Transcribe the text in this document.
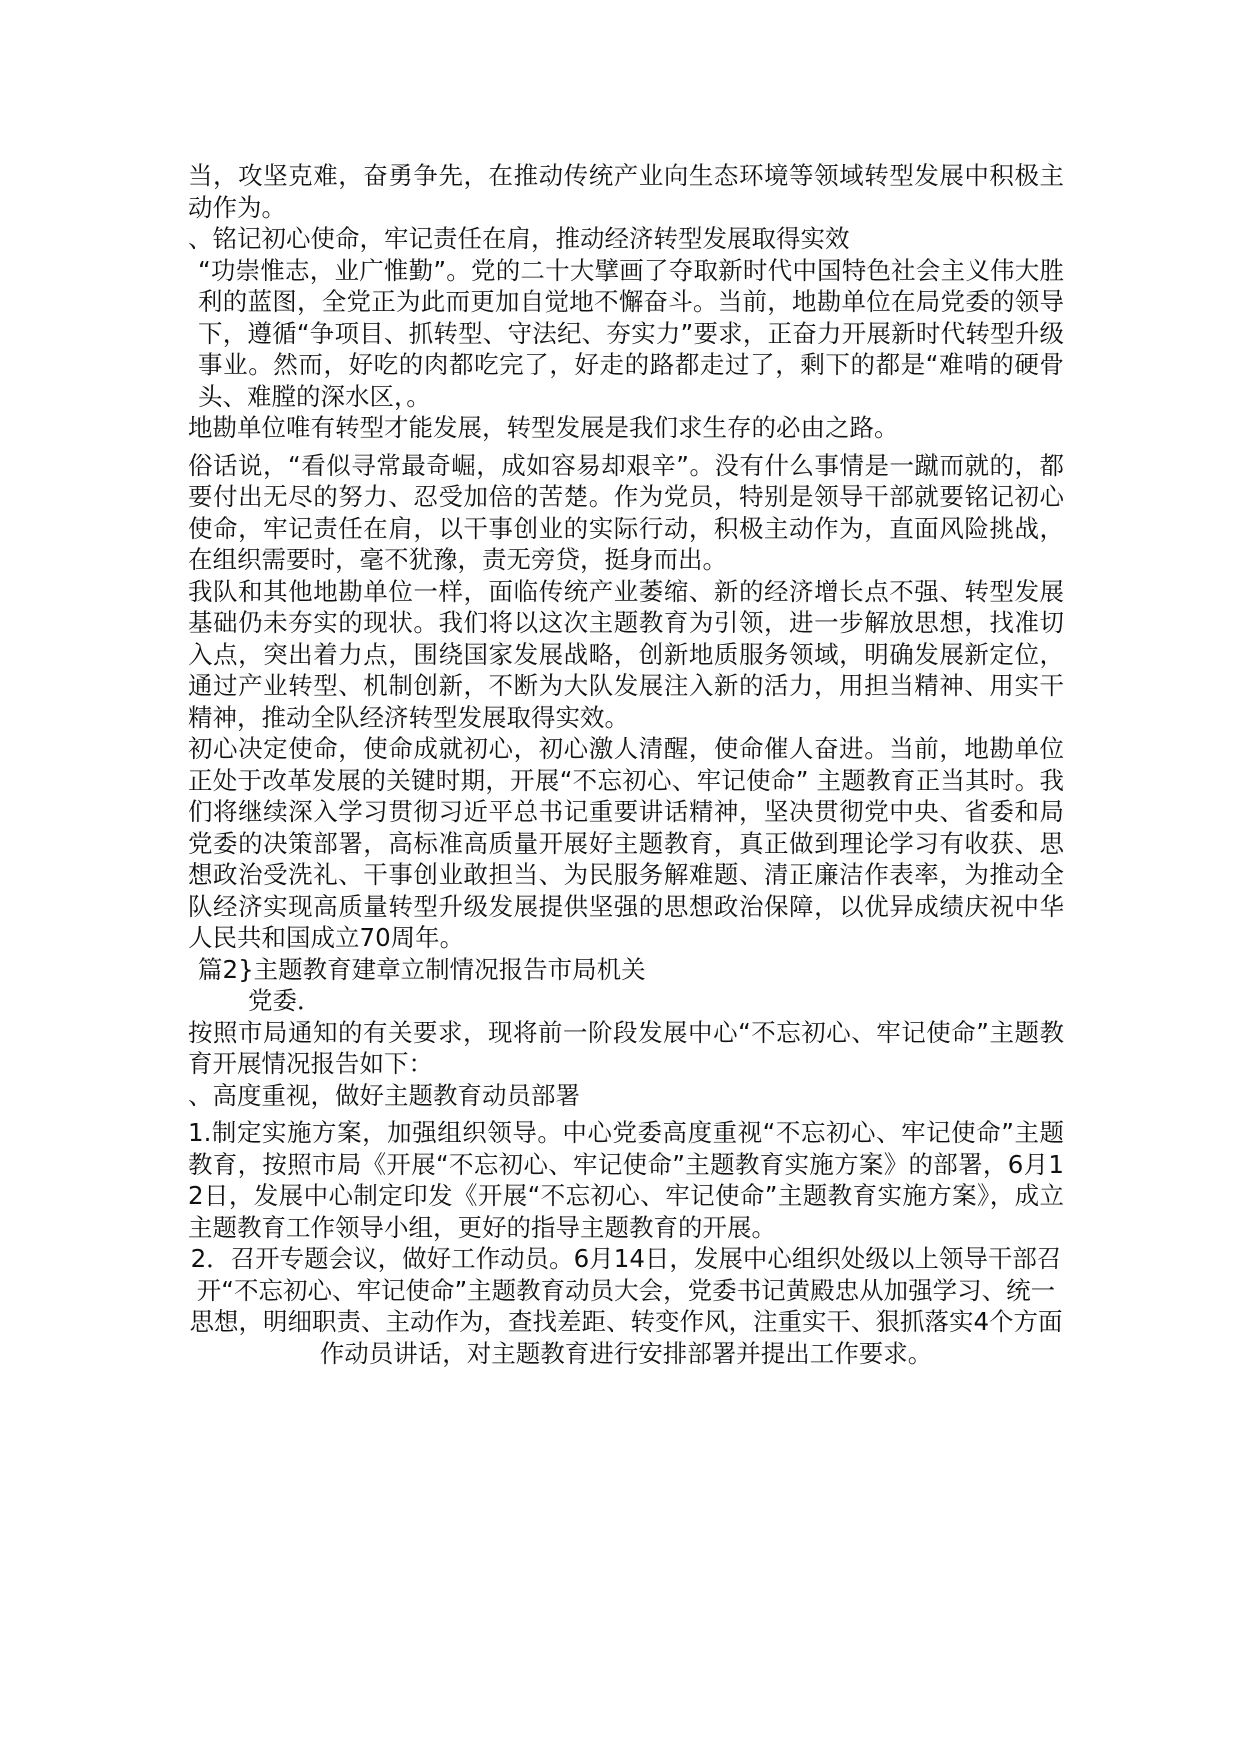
当，攻坚克难，奋勇争先，在推动传统产业向生态环境等领域转型发展中积极主动作为。

、铭记初心使命，牢记责任在肩，推动经济转型发展取得实效

“功崇惟志，业广惟勤”。党的二十大擘画了夺取新时代中国特色社会主义伟大胜利的蓝图，全党正为此而更加自觉地不懈奋斗。当前，地勘单位在局党委的领导下，遵循“争项目、抓转型、守法纪、夯实力”要求，正奋力开展新时代转型升级事业。然而，好吃的肉都吃完了，好走的路都走过了，剩下的都是“难啃的硬骨头、难膛的深水区，。

地勘单位唯有转型才能发展，转型发展是我们求生存的必由之路。

俗话说，“看似寻常最奇崛，成如容易却艰辛”。没有什么事情是一蹴而就的，都要付出无尽的努力、忍受加倍的苦楚。作为党员，特别是领导干部就要铭记初心使命，牢记责任在肩，以干事创业的实际行动，积极主动作为，直面风险挑战，在组织需要时，毫不犹豫，责无旁贷，挺身而出。

我队和其他地勘单位一样，面临传统产业萎缩、新的经济增长点不强、转型发展基础仍未夯实的现状。我们将以这次主题教育为引领，进一步解放思想，找准切入点，突出着力点，围绕国家发展战略，创新地质服务领域，明确发展新定位，通过产业转型、机制创新，不断为大队发展注入新的活力，用担当精神、用实干精神，推动全队经济转型发展取得实效。

初心决定使命，使命成就初心，初心激人清醒，使命催人奋进。当前，地勘单位正处于改革发展的关键时期，开展“不忘初心、牢记使命” 主题教育正当其时。我们将继续深入学习贯彻习近平总书记重要讲话精神，坚决贯彻党中央、省委和局党委的决策部署，高标准高质量开展好主题教育，真正做到理论学习有收获、思想政治受洗礼、干事创业敢担当、为民服务解难题、清正廉洁作表率，为推动全队经济实现高质量转型升级发展提供坚强的思想政治保障，以优异成绩庆祝中华人民共和国成立70周年。

篇2}主题教育建章立制情况报告市局机关

党委．

按照市局通知的有关要求，现将前一阶段发展中心“不忘初心、牢记使命”主题教育开展情况报告如下：

、高度重视，做好主题教育动员部署

1.制定实施方案，加强组织领导。中心党委高度重视“不忘初心、牢记使命”主题教育，按照市局《开展“不忘初心、牢记使命”主题教育实施方案》的部署，6月12日，发展中心制定印发《开展“不忘初心、牢记使命”主题教育实施方案》，成立主题教育工作领导小组，更好的指导主题教育的开展。

2．召开专题会议，做好工作动员。6月14日，发展中心组织处级以上领导干部召开“不忘初心、牢记使命”主题教育动员大会，党委书记黄殿忠从加强学习、统一思想，明细职责、主动作为，查找差距、转变作风，注重实干、狠抓落实4个方面作动员讲话，对主题教育进行安排部署并提出工作要求。
